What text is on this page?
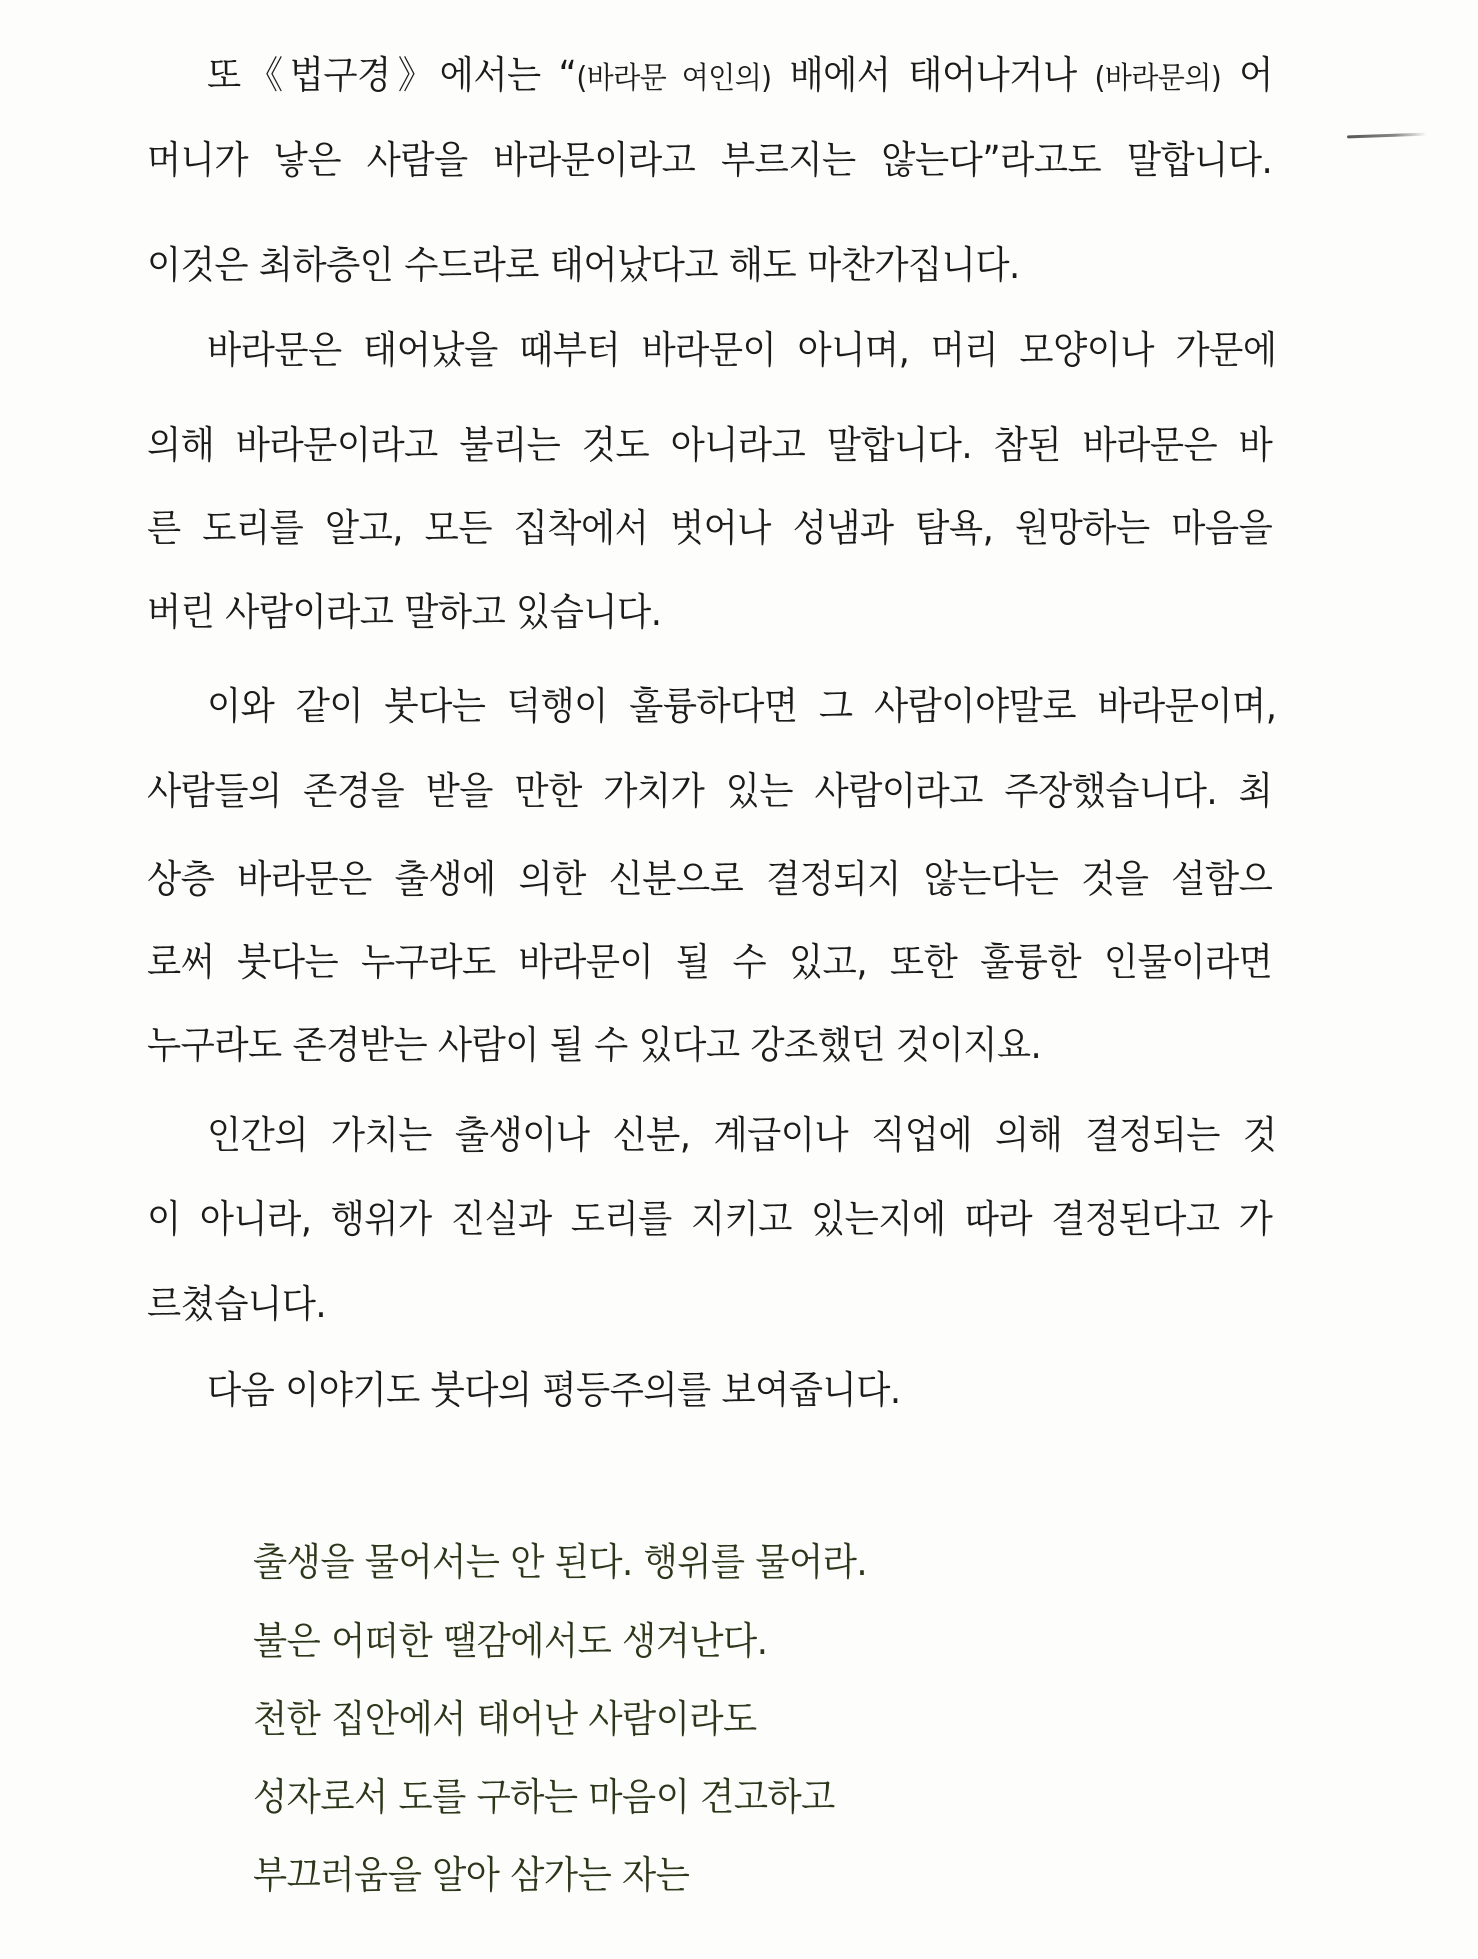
또《법구경》에서는 “(바라문 여인의) 배에서 태어나거나 (바라문의) 어
머니가 낳은 사람을 바라문이라고 부르지는 않는다”라고도 말합니다.
이것은 최하층인 수드라로 태어났다고 해도 마찬가집니다.
바라문은 태어났을 때부터 바라문이 아니며, 머리 모양이나 가문에
의해 바라문이라고 불리는 것도 아니라고 말합니다. 참된 바라문은 바
른 도리를 알고, 모든 집착에서 벗어나 성냄과 탐욕, 원망하는 마음을
버린 사람이라고 말하고 있습니다.
이와 같이 붓다는 덕행이 훌륭하다면 그 사람이야말로 바라문이며,
사람들의 존경을 받을 만한 가치가 있는 사람이라고 주장했습니다. 최
상층 바라문은 출생에 의한 신분으로 결정되지 않는다는 것을 설함으
로써 붓다는 누구라도 바라문이 될 수 있고, 또한 훌륭한 인물이라면
누구라도 존경받는 사람이 될 수 있다고 강조했던 것이지요.
인간의 가치는 출생이나 신분, 계급이나 직업에 의해 결정되는 것
이 아니라, 행위가 진실과 도리를 지키고 있는지에 따라 결정된다고 가
르쳤습니다.
다음 이야기도 붓다의 평등주의를 보여줍니다.
출생을 물어서는 안 된다. 행위를 물어라.
불은 어떠한 땔감에서도 생겨난다.
천한 집안에서 태어난 사람이라도
성자로서 도를 구하는 마음이 견고하고
부끄러움을 알아 삼가는 자는
